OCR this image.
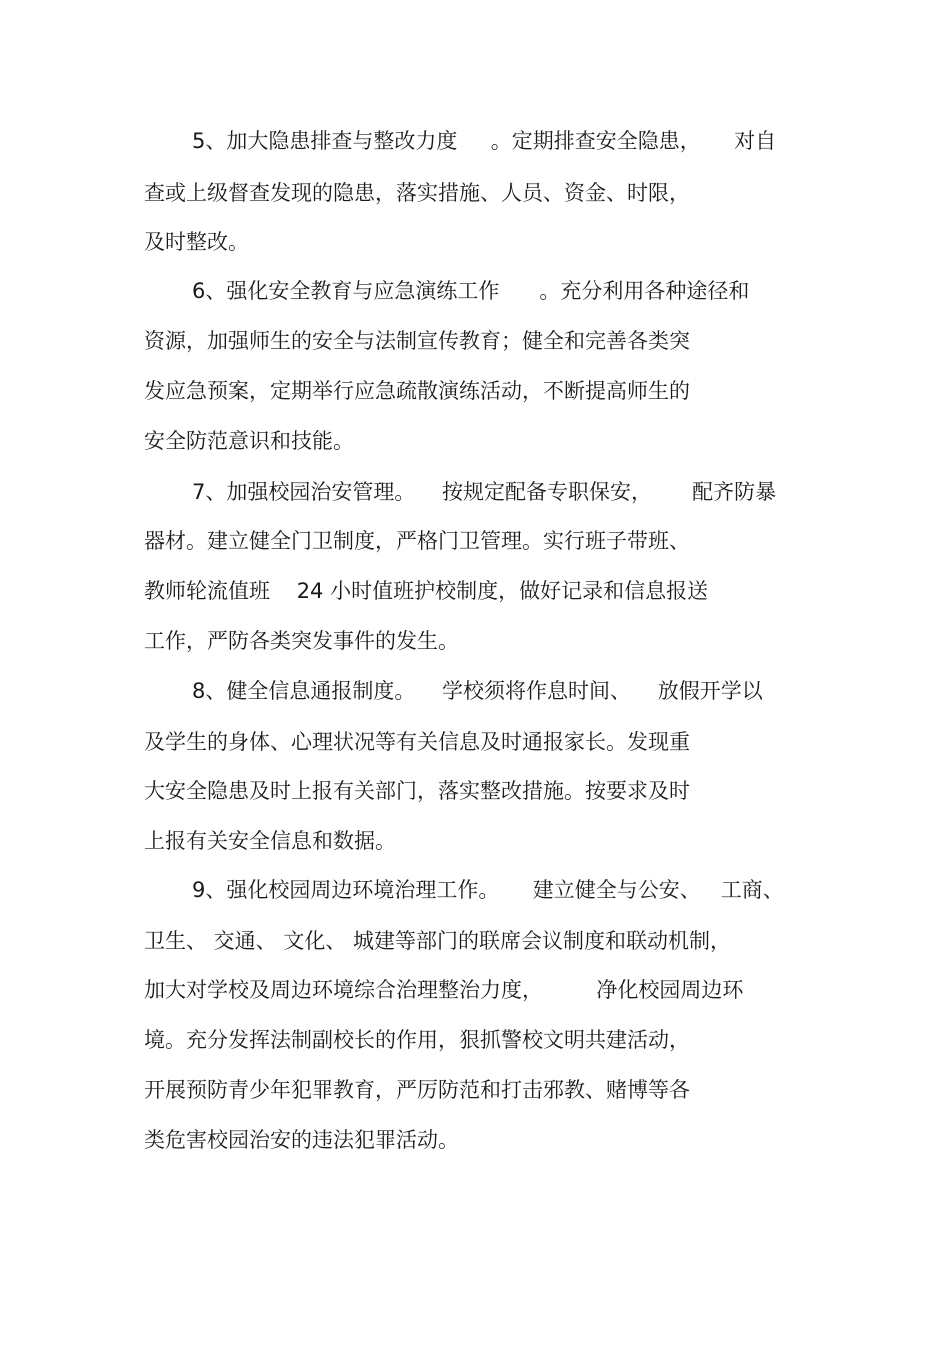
5、加大隐患排查与整改力度     。定期排查安全隐患，     对自

查或上级督查发现的隐患，落实措施、人员、资金、时限，

及时整改。

6、强化安全教育与应急演练工作      。充分利用各种途径和

资源，加强师生的安全与法制宣传教育；健全和完善各类突

发应急预案，定期举行应急疏散演练活动，不断提高师生的

安全防范意识和技能。

7、加强校园治安管理。    按规定配备专职保安，      配齐防暴

器材。建立健全门卫制度，严格门卫管理。实行班子带班、

教师轮流值班    24 小时值班护校制度，做好记录和信息报送

工作，严防各类突发事件的发生。

8、健全信息通报制度。    学校须将作息时间、    放假开学以

及学生的身体、心理状况等有关信息及时通报家长。发现重

大安全隐患及时上报有关部门，落实整改措施。按要求及时

上报有关安全信息和数据。

9、强化校园周边环境治理工作。     建立健全与公安、   工商、

卫生、 交通、 文化、 城建等部门的联席会议制度和联动机制，

加大对学校及周边环境综合治理整治力度，        净化校园周边环

境。充分发挥法制副校长的作用，狠抓警校文明共建活动，

开展预防青少年犯罪教育，严厉防范和打击邪教、赌博等各

类危害校园治安的违法犯罪活动。
